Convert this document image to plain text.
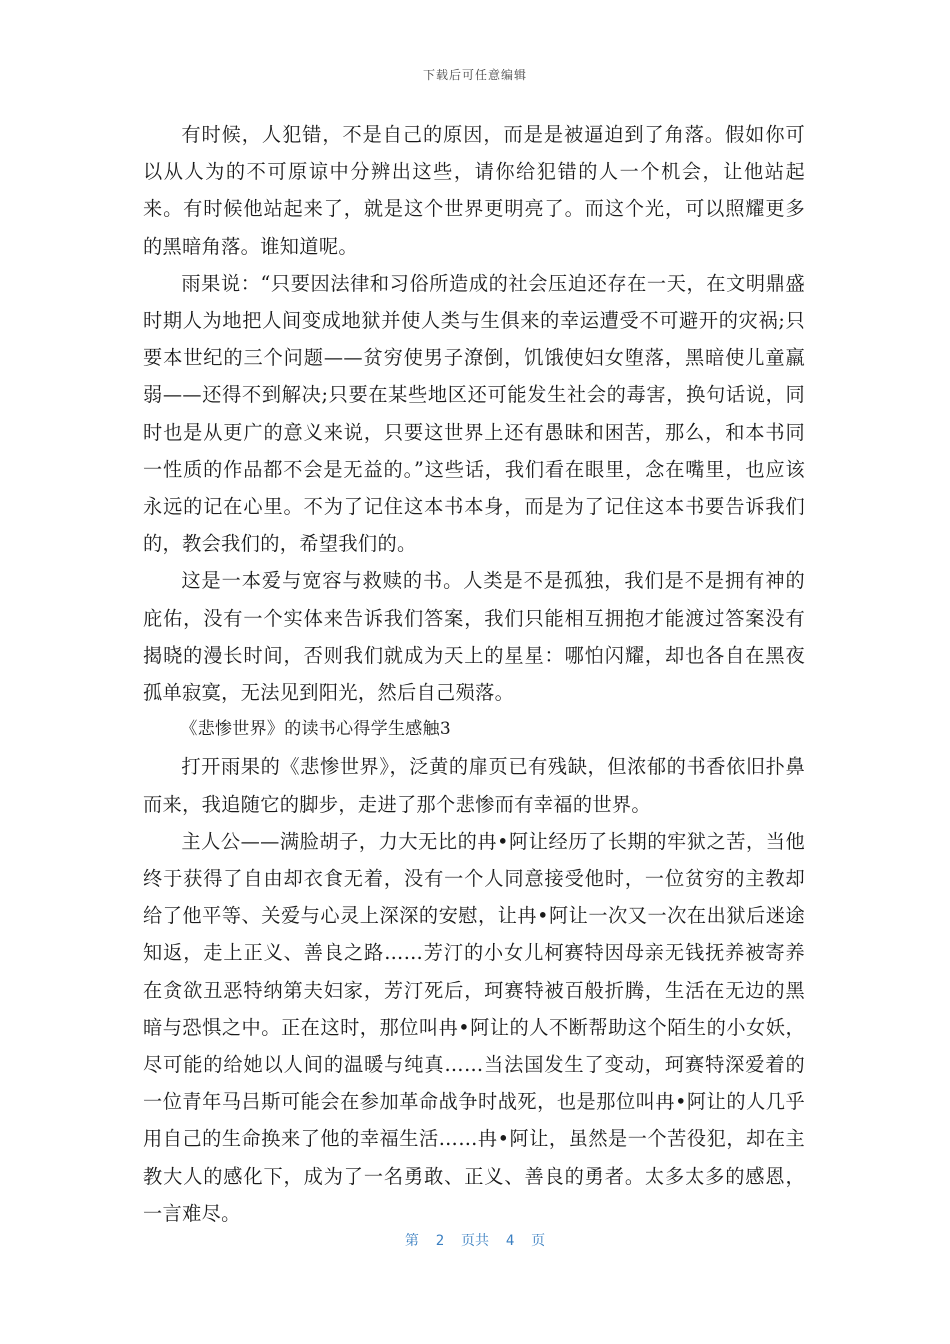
下载后可任意编辑

有时候，人犯错，不是自己的原因，而是是被逼迫到了角落。假如你可以从人为的不可原谅中分辨出这些，请你给犯错的人一个机会，让他站起来。有时候他站起来了，就是这个世界更明亮了。而这个光，可以照耀更多的黑暗角落。谁知道呢。

雨果说：“只要因法律和习俗所造成的社会压迫还存在一天，在文明鼎盛时期人为地把人间变成地狱并使人类与生俱来的幸运遭受不可避开的灾祸;只要本世纪的三个问题——贫穷使男子潦倒，饥饿使妇女堕落，黑暗使儿童羸弱——还得不到解决;只要在某些地区还可能发生社会的毒害，换句话说，同时也是从更广的意义来说，只要这世界上还有愚昧和困苦，那么，和本书同一性质的作品都不会是无益的。”这些话，我们看在眼里，念在嘴里，也应该永远的记在心里。不为了记住这本书本身，而是为了记住这本书要告诉我们的，教会我们的，希望我们的。

这是一本爱与宽容与救赎的书。人类是不是孤独，我们是不是拥有神的庇佑，没有一个实体来告诉我们答案，我们只能相互拥抱才能渡过答案没有揭晓的漫长时间，否则我们就成为天上的星星：哪怕闪耀，却也各自在黑夜孤单寂寞，无法见到阳光，然后自己殒落。

《悲惨世界》的读书心得学生感触3

打开雨果的《悲惨世界》，泛黄的扉页已有残缺，但浓郁的书香依旧扑鼻而来，我追随它的脚步，走进了那个悲惨而有幸福的世界。

主人公——满脸胡子，力大无比的冉•阿让经历了长期的牢狱之苦，当他终于获得了自由却衣食无着，没有一个人同意接受他时，一位贫穷的主教却给了他平等、关爱与心灵上深深的安慰，让冉•阿让一次又一次在出狱后迷途知返，走上正义、善良之路……芳汀的小女儿柯赛特因母亲无钱抚养被寄养在贪欲丑恶特纳第夫妇家，芳汀死后，珂赛特被百般折腾，生活在无边的黑暗与恐惧之中。正在这时，那位叫冉•阿让的人不断帮助这个陌生的小女妖，尽可能的给她以人间的温暖与纯真……当法国发生了变动，珂赛特深爱着的一位青年马吕斯可能会在参加革命战争时战死，也是那位叫冉•阿让的人几乎用自己的生命换来了他的幸福生活……冉•阿让，虽然是一个苦役犯，却在主教大人的感化下，成为了一名勇敢、正义、善良的勇者。太多太多的感恩，一言难尽。

第  2  页共  4  页
